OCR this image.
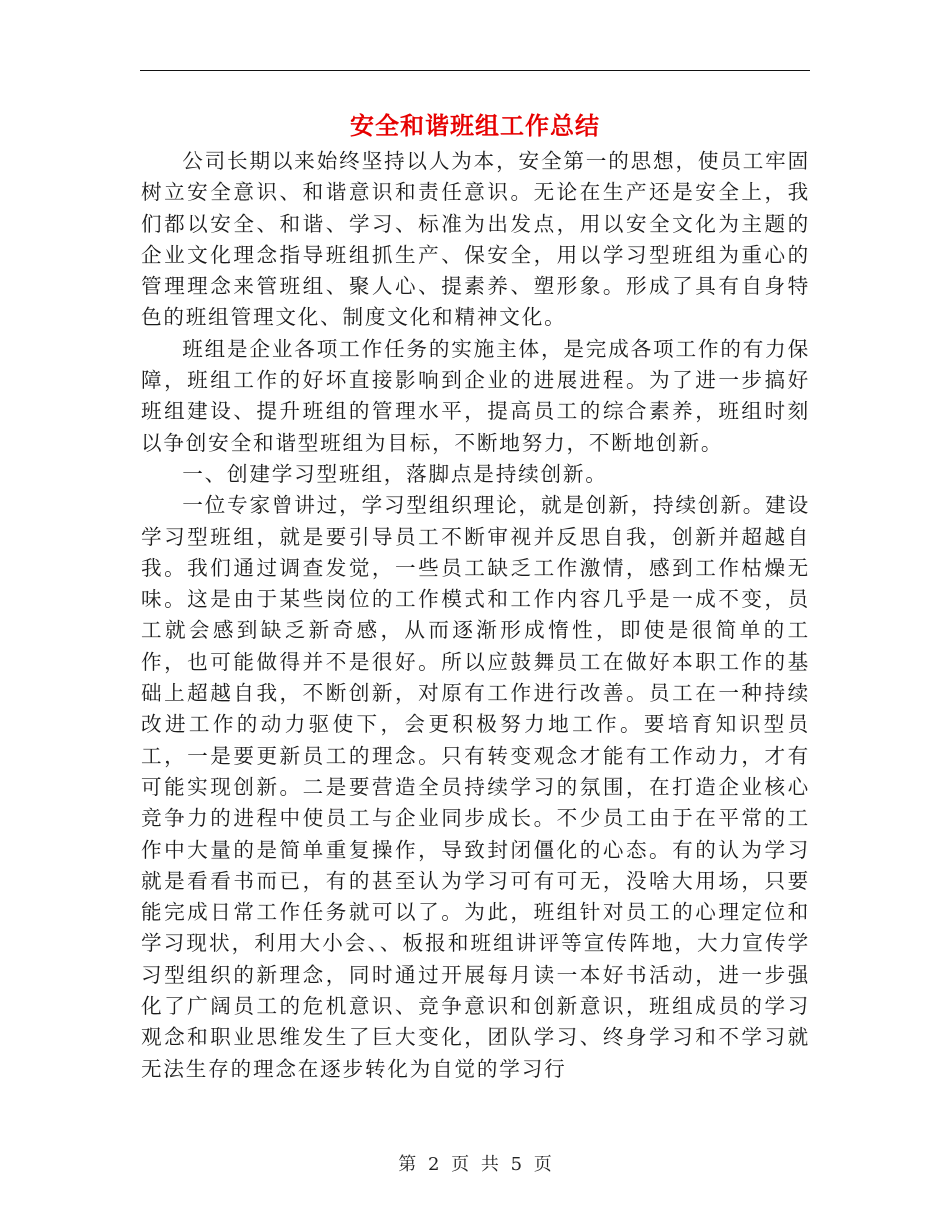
安全和谐班组工作总结

公司长期以来始终坚持以人为本，安全第一的思想，使员工牢固树立安全意识、和谐意识和责任意识。无论在生产还是安全上，我们都以安全、和谐、学习、标准为出发点，用以安全文化为主题的企业文化理念指导班组抓生产、保安全，用以学习型班组为重心的管理理念来管班组、聚人心、提素养、塑形象。形成了具有自身特色的班组管理文化、制度文化和精神文化。

班组是企业各项工作任务的实施主体，是完成各项工作的有力保障，班组工作的好坏直接影响到企业的进展进程。为了进一步搞好班组建设、提升班组的管理水平，提高员工的综合素养，班组时刻以争创安全和谐型班组为目标，不断地努力，不断地创新。

一、创建学习型班组，落脚点是持续创新。

一位专家曾讲过，学习型组织理论，就是创新，持续创新。建设学习型班组，就是要引导员工不断审视并反思自我，创新并超越自我。我们通过调查发觉，一些员工缺乏工作激情，感到工作枯燥无味。这是由于某些岗位的工作模式和工作内容几乎是一成不变，员工就会感到缺乏新奇感，从而逐渐形成惰性，即使是很简单的工作，也可能做得并不是很好。所以应鼓舞员工在做好本职工作的基础上超越自我，不断创新，对原有工作进行改善。员工在一种持续改进工作的动力驱使下，会更积极努力地工作。要培育知识型员工，一是要更新员工的理念。只有转变观念才能有工作动力，才有可能实现创新。二是要营造全员持续学习的氛围，在打造企业核心竞争力的进程中使员工与企业同步成长。不少员工由于在平常的工作中大量的是简单重复操作，导致封闭僵化的心态。有的认为学习就是看看书而已，有的甚至认为学习可有可无，没啥大用场，只要能完成日常工作任务就可以了。为此，班组针对员工的心理定位和学习现状，利用大小会、、板报和班组讲评等宣传阵地，大力宣传学习型组织的新理念，同时通过开展每月读一本好书活动，进一步强化了广阔员工的危机意识、竞争意识和创新意识，班组成员的学习观念和职业思维发生了巨大变化，团队学习、终身学习和不学习就无法生存的理念在逐步转化为自觉的学习行

第 2 页 共 5 页
